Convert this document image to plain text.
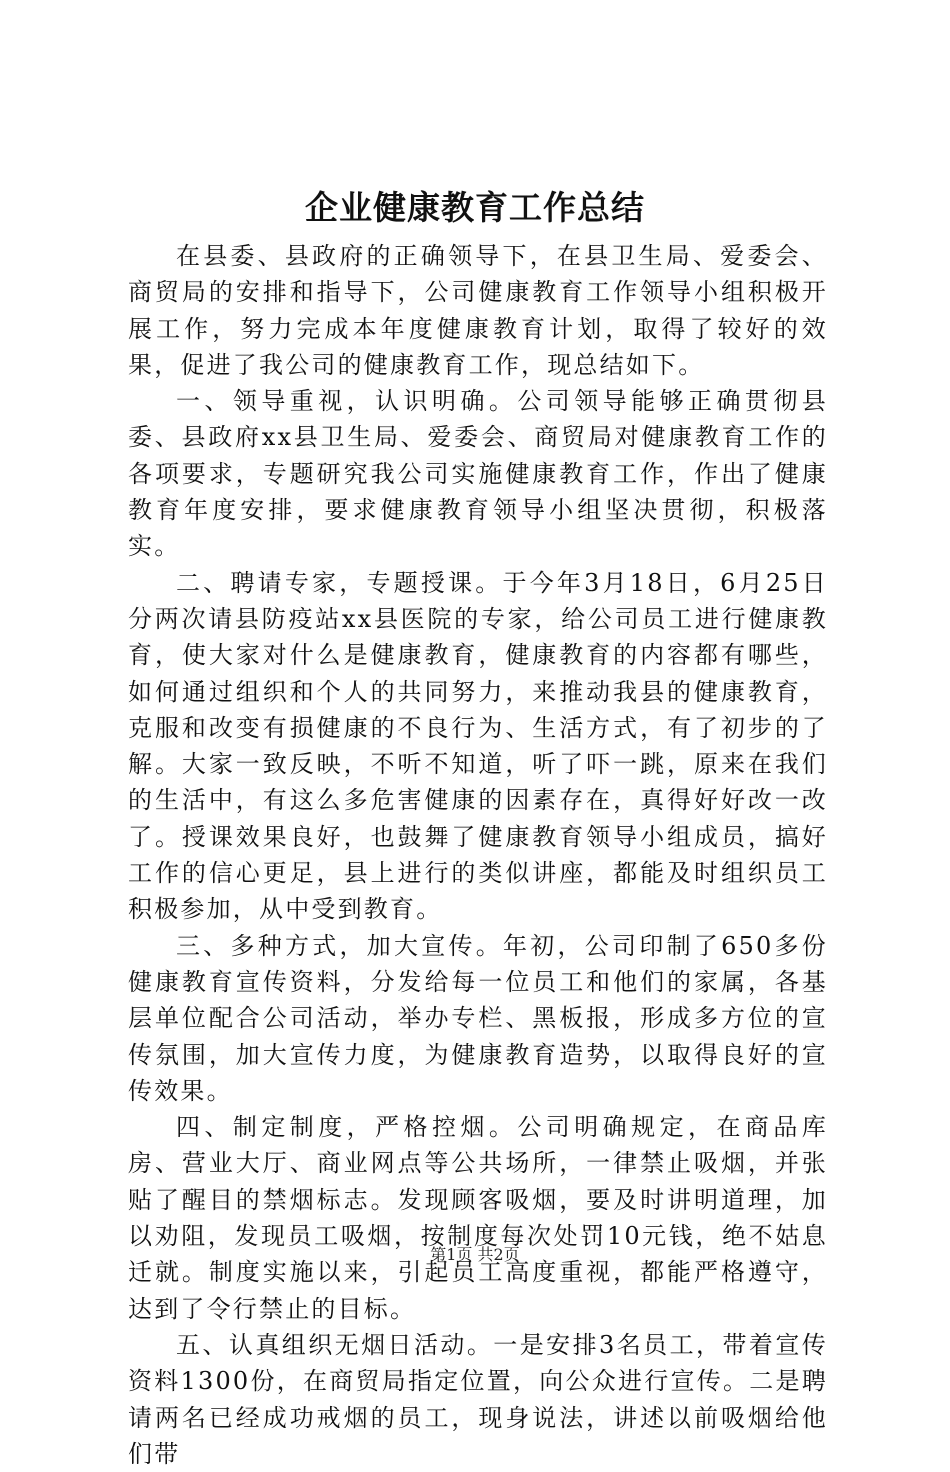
企业健康教育工作总结

在县委、县政府的正确领导下，在县卫生局、爱委会、商贸局的安排和指导下，公司健康教育工作领导小组积极开展工作，努力完成本年度健康教育计划，取得了较好的效果，促进了我公司的健康教育工作，现总结如下。

一、领导重视，认识明确。公司领导能够正确贯彻县委、县政府xx县卫生局、爱委会、商贸局对健康教育工作的各项要求，专题研究我公司实施健康教育工作，作出了健康教育年度安排，要求健康教育领导小组坚决贯彻，积极落实。

二、聘请专家，专题授课。于今年3月18日，6月25日分两次请县防疫站xx县医院的专家，给公司员工进行健康教育，使大家对什么是健康教育，健康教育的内容都有哪些，如何通过组织和个人的共同努力，来推动我县的健康教育，克服和改变有损健康的不良行为、生活方式，有了初步的了解。大家一致反映，不听不知道，听了吓一跳，原来在我们的生活中，有这么多危害健康的因素存在，真得好好改一改了。授课效果良好，也鼓舞了健康教育领导小组成员，搞好工作的信心更足，县上进行的类似讲座，都能及时组织员工积极参加，从中受到教育。

三、多种方式，加大宣传。年初，公司印制了650多份健康教育宣传资料，分发给每一位员工和他们的家属，各基层单位配合公司活动，举办专栏、黑板报，形成多方位的宣传氛围，加大宣传力度，为健康教育造势，以取得良好的宣传效果。

四、制定制度，严格控烟。公司明确规定，在商品库房、营业大厅、商业网点等公共场所，一律禁止吸烟，并张贴了醒目的禁烟标志。发现顾客吸烟，要及时讲明道理，加以劝阻，发现员工吸烟，按制度每次处罚10元钱，绝不姑息迁就。制度实施以来，引起员工高度重视，都能严格遵守，达到了令行禁止的目标。

五、认真组织无烟日活动。一是安排3名员工，带着宣传资料1300份，在商贸局指定位置，向公众进行宣传。二是聘请两名已经成功戒烟的员工，现身说法，讲述以前吸烟给他们带

第1页 共2页
